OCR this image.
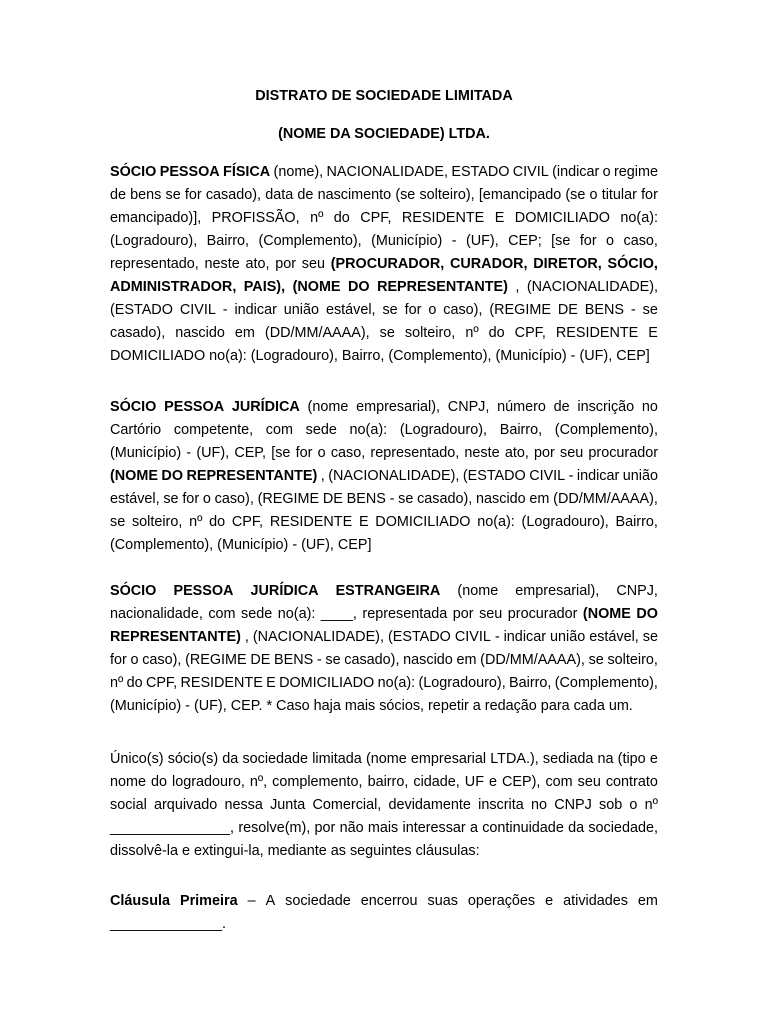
DISTRATO DE SOCIEDADE LIMITADA
(NOME DA SOCIEDADE) LTDA.
SÓCIO PESSOA FÍSICA (nome), NACIONALIDADE, ESTADO CIVIL (indicar o regime
de bens se for casado), data de nascimento (se solteiro), [emancipado (se o titular for
emancipado)], PROFISSÃO, nº do CPF, RESIDENTE E DOMICILIADO no(a):
(Logradouro), Bairro, (Complemento), (Município) - (UF), CEP; [se for o caso,
representado, neste ato, por seu (PROCURADOR, CURADOR, DIRETOR, SÓCIO,
ADMINISTRADOR, PAIS), (NOME DO REPRESENTANTE) , (NACIONALIDADE),
(ESTADO CIVIL - indicar união estável, se for o caso), (REGIME DE BENS - se
casado), nascido em (DD/MM/AAAA), se solteiro, nº do CPF, RESIDENTE E
DOMICILIADO no(a): (Logradouro), Bairro, (Complemento), (Município) - (UF), CEP]
SÓCIO PESSOA JURÍDICA (nome empresarial), CNPJ, número de inscrição no
Cartório competente, com sede no(a): (Logradouro), Bairro, (Complemento),
(Município) - (UF), CEP, [se for o caso, representado, neste ato, por seu procurador
(NOME DO REPRESENTANTE) , (NACIONALIDADE), (ESTADO CIVIL - indicar união
estável, se for o caso), (REGIME DE BENS - se casado), nascido em (DD/MM/AAAA),
se solteiro, nº do CPF, RESIDENTE E DOMICILIADO no(a): (Logradouro), Bairro,
(Complemento), (Município) - (UF), CEP]
SÓCIO PESSOA JURÍDICA ESTRANGEIRA (nome empresarial), CNPJ,
nacionalidade, com sede no(a): ____, representada por seu procurador (NOME DO
REPRESENTANTE) , (NACIONALIDADE), (ESTADO CIVIL - indicar união estável, se
for o caso), (REGIME DE BENS - se casado), nascido em (DD/MM/AAAA), se solteiro,
nº do CPF, RESIDENTE E DOMICILIADO no(a): (Logradouro), Bairro, (Complemento),
(Município) - (UF), CEP. * Caso haja mais sócios, repetir a redação para cada um.
Único(s) sócio(s) da sociedade limitada (nome empresarial LTDA.), sediada na (tipo e
nome do logradouro, nº, complemento, bairro, cidade, UF e CEP), com seu contrato
social arquivado nessa Junta Comercial, devidamente inscrita no CNPJ sob o nº
_______________, resolve(m), por não mais interessar a continuidade da sociedade,
dissolvê-la e extingui-la, mediante as seguintes cláusulas:
Cláusula Primeira – A sociedade encerrou suas operações e atividades em
______________.
